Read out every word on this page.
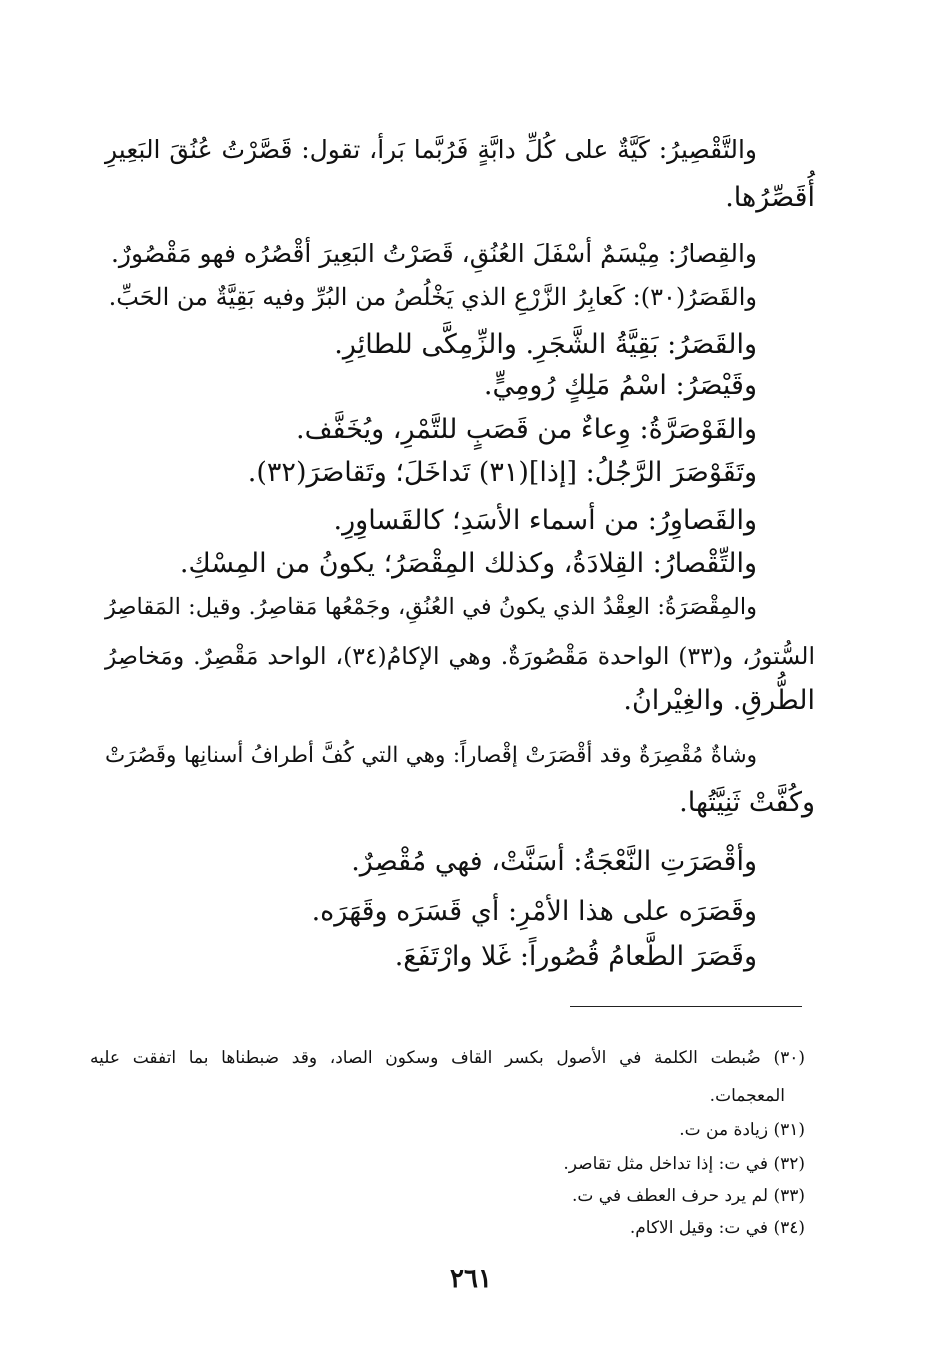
والتَّقْصِيرُ: كَيَّةٌ على كُلِّ دابَّةٍ فَرُبَّما بَرأ، تقول: قَصَّرْتُ عُنُقَ البَعِيرِ
أُقَصِّرُها.
والقِصارُ: مِيْسَمٌ أسْفَلَ العُنُقِ، قَصَرْتُ البَعِيرَ أقْصُرُه فهو مَقْصُورٌ.
والقَصَرُ(٣٠): كَعابِرُ الزَّرْعِ الذي يَخْلُصُ من البُرِّ وفيه بَقِيَّةٌ من الحَبِّ.
والقَصَرُ: بَقِيَّةُ الشَّجَرِ. والزِّمِكَّى للطائِرِ.
وقَيْصَرُ: اسْمُ مَلِكٍ رُومِيٍّ.
والقَوْصَرَّةُ: وِعاءٌ من قَصَبٍ للتَّمْرِ، ويُخَفَّف.
وتَقَوْصَرَ الرَّجُلُ: [إذا](٣١) تَداخَلَ؛ وتَقاصَرَ(٣٢).
والقَصاوِرُ: من أسماء الأسَدِ؛ كالقَساوِرِ.
والتِّقْصارُ: القِلادَةُ، وكذلك المِقْصَرُ؛ يكونُ من المِسْكِ.
والمِقْصَرَةُ: العِقْدُ الذي يكونُ في العُنُقِ، وجَمْعُها مَقاصِرُ. وقيل: المَقاصِرُ
السُّتورُ، و(٣٣) الواحدة مَقْصُورَةٌ. وهي الإكامُ(٣٤)، الواحد مَقْصِرٌ. ومَخاصِرُ
الطُّرقِ. والغِيْرانُ.
وشاةٌ مُقْصِرَةٌ وقد أقْصَرَتْ إقْصاراً: وهي التي كُفَّ أطرافُ أسنانِها وقَصُرَتْ
وكُفَّتْ ثَنِيَّتُها.
وأقْصَرَتِ النَّعْجَةُ: أسَنَّتْ، فهي مُقْصِرٌ.
وقَصَرَه على هذا الأمْرِ: أي قَسَرَه وقَهَرَه.
وقَصَرَ الطَّعامُ قُصُوراً: غَلا وارْتَفَعَ.
(٣٠) ضُبطت الكلمة في الأصول بكسر القاف وسكون الصاد، وقد ضبطناها بما اتفقت عليه
المعجمات.
(٣١) زيادة من ت.
(٣٢) في ت: إذا تداخل مثل تقاصر.
(٣٣) لم يرد حرف العطف في ت.
(٣٤) في ت: وقيل الاكام.
٢٦١
